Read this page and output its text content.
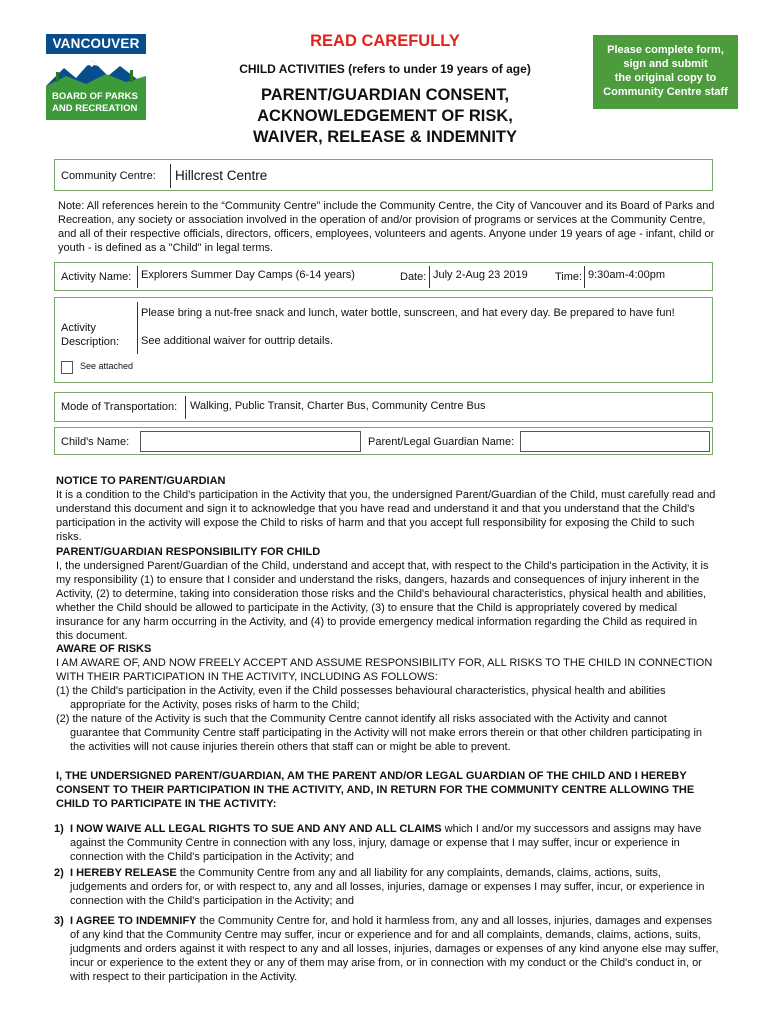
VANCOUVER
BOARD OF PARKS
AND RECREATION
READ CAREFULLY
CHILD ACTIVITIES (refers to under 19 years of age)
PARENT/GUARDIAN CONSENT,
ACKNOWLEDGEMENT OF RISK,
WAIVER, RELEASE & INDEMNITY
Please complete form,
sign and submit
the original copy to
Community Centre staff
Community Centre: Hillcrest Centre
Note: All references herein to the “Community Centre” include the Community Centre, the City of Vancouver and its Board of Parks and Recreation, any society or association involved in the operation of and/or provision of programs or services at the Community Centre, and all of their respective officials, directors, officers, employees, volunteers and agents. Anyone under 19 years of age - infant, child or youth - is defined as a "Child" in legal terms.
Activity Name: Explorers Summer Day Camps (6-14 years)	Date: July 2-Aug 23 2019 Time: 9:30am-4:00pm
Activity
Description:
Please bring a nut-free snack and lunch, water bottle, sunscreen, and hat every day. Be prepared to have fun!
See additional waiver for outtrip details.
See attached
Mode of Transportation: Walking, Public Transit, Charter Bus, Community Centre Bus
Child's Name:	Parent/Legal Guardian Name:
NOTICE TO PARENT/GUARDIAN
It is a condition to the Child's participation in the Activity that you, the undersigned Parent/Guardian of the Child, must carefully read and understand this document and sign it to acknowledge that you have read and understand it and that you understand that the Child's participation in the activity will expose the Child to risks of harm and that you accept full responsibility for exposing the Child to such risks.
PARENT/GUARDIAN RESPONSIBILITY FOR CHILD
I, the undersigned Parent/Guardian of the Child, understand and accept that, with respect to the Child's participation in the Activity, it is my responsibility (1) to ensure that I consider and understand the risks, dangers, hazards and consequences of injury inherent in the Activity, (2) to determine, taking into consideration those risks and the Child's behavioural characteristics, physical health and abilities, whether the Child should be allowed to participate in the Activity, (3) to ensure that the Child is appropriately covered by medical insurance for any harm occurring in the Activity, and (4) to provide emergency medical information regarding the Child as required in this document.
AWARE OF RISKS
I AM AWARE OF, AND NOW FREELY ACCEPT AND ASSUME RESPONSIBILITY FOR, ALL RISKS TO THE CHILD IN CONNECTION WITH THEIR PARTICIPATION IN THE ACTIVITY, INCLUDING AS FOLLOWS:

(1) the Child's participation in the Activity, even if the Child possesses behavioural characteristics, physical health and abilities appropriate for the Activity, poses risks of harm to the Child;

(2) the nature of the Activity is such that the Community Centre cannot identify all risks associated with the Activity and cannot guarantee that Community Centre staff participating in the Activity will not make errors therein or that other children participating in the activities will not cause injuries therein others that staff can or might be able to prevent.

I, THE UNDERSIGNED PARENT/GUARDIAN, AM THE PARENT AND/OR LEGAL GUARDIAN OF THE CHILD AND I HEREBY CONSENT TO THEIR PARTICIPATION IN THE ACTIVITY, AND, IN RETURN FOR THE COMMUNITY CENTRE ALLOWING THE CHILD TO PARTICIPATE IN THE ACTIVITY:
1) I NOW WAIVE ALL LEGAL RIGHTS TO SUE AND ANY AND ALL CLAIMS which I and/or my successors and assigns may have against the Community Centre in connection with any loss, injury, damage or expense that I may suffer, incur or experience in connection with the Child's participation in the Activity; and
2) I HEREBY RELEASE the Community Centre from any and all liability for any complaints, demands, claims, actions, suits, judgements and orders for, or with respect to, any and all losses, injuries, damage or expenses I may suffer, incur, or experience in connection with the Child's participation in the Activity; and
3) I AGREE TO INDEMNIFY the Community Centre for, and hold it harmless from, any and all losses, injuries, damages and expenses of any kind that the Community Centre may suffer, incur or experience and for and all complaints, demands, claims, actions, suits, judgments and orders against it with respect to any and all losses, injuries, damages or expenses of any kind anyone else may suffer, incur or experience to the extent they or any of them may arise from, or in connection with my conduct or the Child's conduct in, or with respect to their participation in the Activity.
